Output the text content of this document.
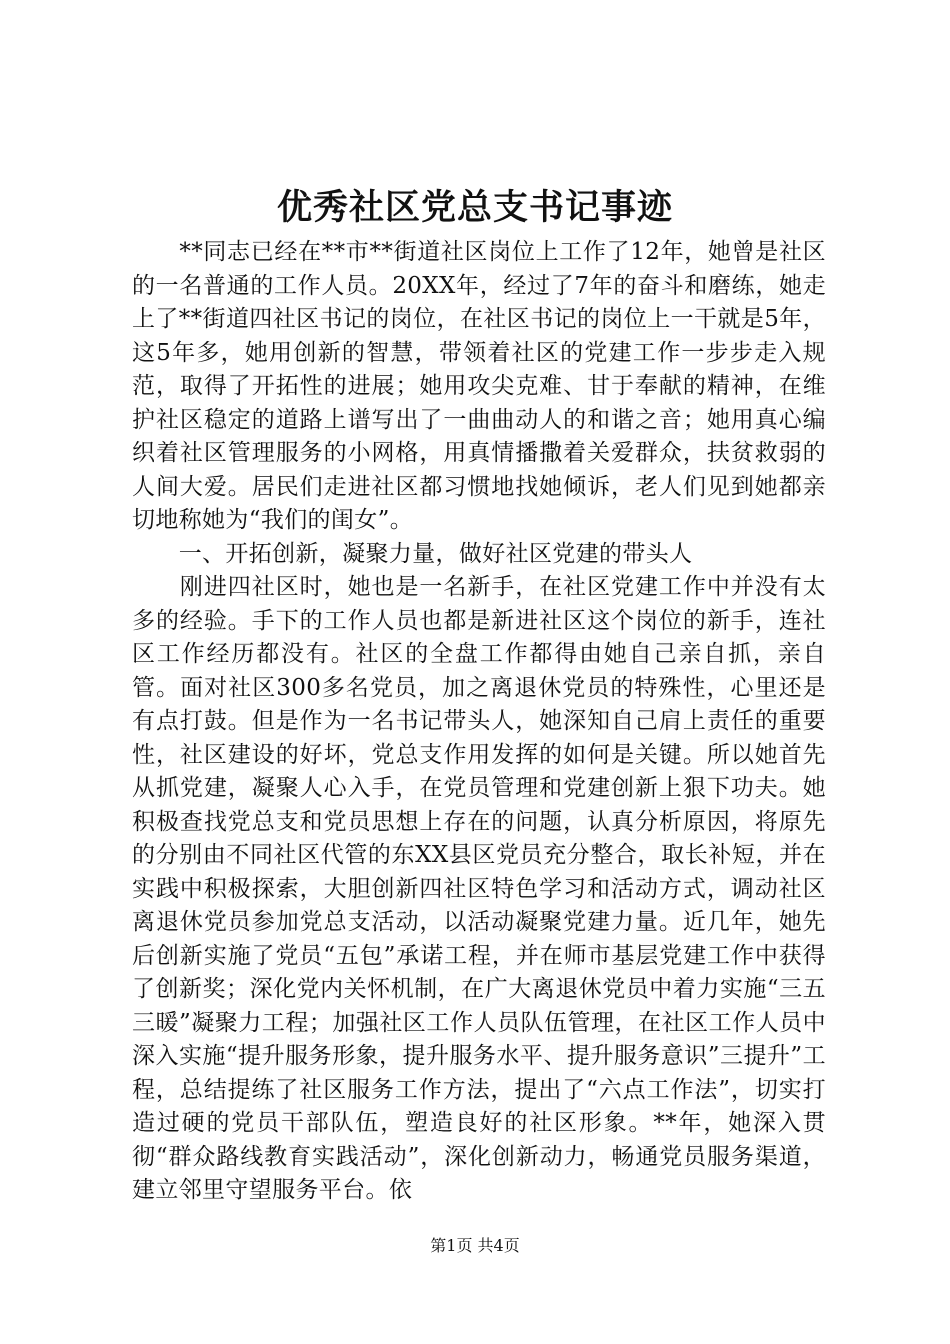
优秀社区党总支书记事迹

　　**同志已经在**市**街道社区岗位上工作了12年，她曾是社区的一名普通的工作人员。20XX年，经过了7年的奋斗和磨练，她走上了**街道四社区书记的岗位，在社区书记的岗位上一干就是5年，这5年多，她用创新的智慧，带领着社区的党建工作一步步走入规范，取得了开拓性的进展；她用攻尖克难、甘于奉献的精神，在维护社区稳定的道路上谱写出了一曲曲动人的和谐之音；她用真心编织着社区管理服务的小网格，用真情播撒着关爱群众，扶贫救弱的人间大爱。居民们走进社区都习惯地找她倾诉，老人们见到她都亲切地称她为“我们的闺女”。

　　一、开拓创新，凝聚力量，做好社区党建的带头人

　　刚进四社区时，她也是一名新手，在社区党建工作中并没有太多的经验。手下的工作人员也都是新进社区这个岗位的新手，连社区工作经历都没有。社区的全盘工作都得由她自己亲自抓，亲自管。面对社区300多名党员，加之离退休党员的特殊性，心里还是有点打鼓。但是作为一名书记带头人，她深知自己肩上责任的重要性，社区建设的好坏，党总支作用发挥的如何是关键。所以她首先从抓党建，凝聚人心入手，在党员管理和党建创新上狠下功夫。她积极查找党总支和党员思想上存在的问题，认真分析原因，将原先的分别由不同社区代管的东XX县区党员充分整合，取长补短，并在实践中积极探索，大胆创新四社区特色学习和活动方式，调动社区离退休党员参加党总支活动，以活动凝聚党建力量。近几年，她先后创新实施了党员“五包”承诺工程，并在师市基层党建工作中获得了创新奖；深化党内关怀机制，在广大离退休党员中着力实施“三五三暖”凝聚力工程；加强社区工作人员队伍管理，在社区工作人员中深入实施“提升服务形象，提升服务水平、提升服务意识”三提升”工程，总结提练了社区服务工作方法，提出了“六点工作法”，切实打造过硬的党员干部队伍，塑造良好的社区形象。**年，她深入贯彻“群众路线教育实践活动”，深化创新动力，畅通党员服务渠道，建立邻里守望服务平台。依

第1页 共4页
